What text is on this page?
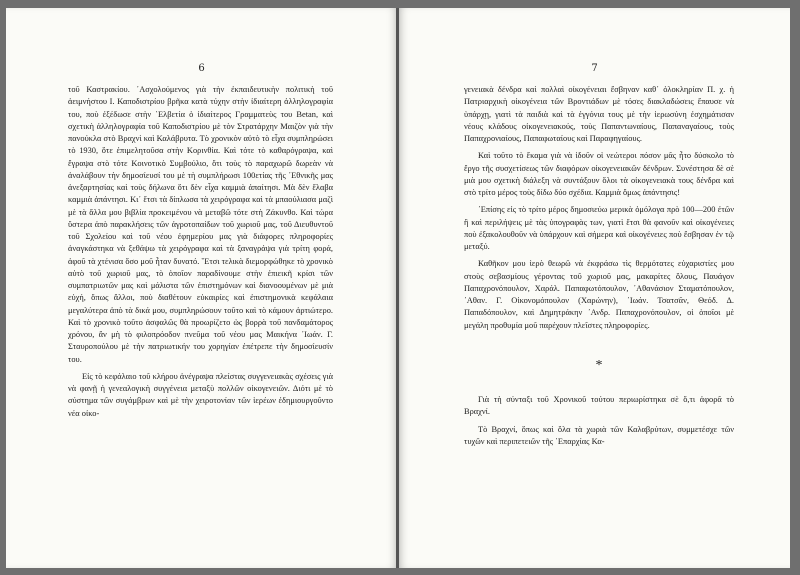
6

τοῦ Καστρακίου. ᾿Ασχολούμενος γιὰ τὴν ἐκπαιδευτικὴν πολιτικὴ τοῦ ἀειμνήστου Ι. Καποδιστρίου βρῆκα κατὰ τύχην στὴν ἰδιαίτερη ἀλληλογραφία του, ποὺ ἐξέδωσε στὴν ῾Ελβετία ὁ ἰδιαίτερος Γραμματεὺς του Betan, καὶ σχετικὴ ἀλληλογραφία τοῦ Καποδιστρίου μὲ τὸν Στρατάρχην Μαιζὸν γιὰ τὴν πανούκλα στὸ Βραχνὶ καὶ Καλάβρυτα. Τὸ χρονικὸν αὐτὸ τὸ εἶχα συμπληρώσει τὸ 1930, ὅτε ἐπιμελητοῦσα στὴν Κορινθία. Καὶ τότε τὸ καθαρόγραψα, καὶ ἔγραψα στὸ τότε Κοινοτικὸ Συμβούλιο, ὅτι τοὺς τὸ παραχωρῶ δωρεὰν νὰ ἀναλάβουν τὴν δημοσίευσί του μὲ τὴ συμπλήρωσι 100ετίας τῆς ᾿Εθνικῆς μας ἀνεξαρτησίας καὶ τοὺς δήλωνα ὅτι δὲν εἶχα καμμιὰ ἀπαίτησι. Μὰ δὲν ἔλαβα καμμιὰ ἀπάντησι. Κι᾿ ἔτσι τὰ δίπλωσα τὰ χειρόγραφα καὶ τὰ μπαούλιασα μαζὶ μὲ τὰ ἄλλα μου βιβλία προκειμένου νὰ μεταβῶ τότε στὴ Ζάκυνθο. Καὶ τώρα ὕστερα ἀπὸ παρακλήσεις τῶν ἀγροτοπαίδων τοῦ χωριοῦ μας, τοῦ Διευθυντοῦ τοῦ Σχολείου καὶ τοῦ νέου ἐφημερίου μας γιὰ διάφορες πληροφορίες ἀναγκάστηκα νὰ ξεθάψω τὰ χειρόγραφα καὶ τὰ ξαναγράψα γιὰ τρίτη φορά, ἀφοῦ τὰ χτένισα ὅσο μοῦ ἦταν δυνατό. ῞Ετσι τελικὰ διεμορφώθηκε τὸ χρονικὸ αὐτὸ τοῦ χωριοῦ μας, τὸ ὁποῖον παραδίνουμε στὴν ἐπιεικῆ κρίσι τῶν συμπατριωτῶν μας καὶ μάλιστα τῶν ἐπιστημόνων καὶ διανοουμένων μὲ μιὰ εὐχή, ὅπως ἄλλοι, ποὺ διαθέτουν εὐκαιρίες καὶ ἐπιστημονικὰ κεφάλαια μεγαλύτερα ἀπὸ τὰ δικά μου, συμπληρώσουν τοῦτο καὶ τὸ κάμουν ἀρτιώτερο. Καὶ τὸ χρονικὸ τοῦτο ἀσφαλῶς θὰ προωρίζετο ὡς βορρὰ τοῦ πανδαμάτορος χρόνου, ἂν μὴ τὸ φιλοπρόοδον πνεῦμα τοῦ νέου μας Μαικήνα ᾿Ιωάν. Γ. Σταυροπούλου μὲ τὴν πατριωτικήν του χορηγίαν ἐπέτρεπε τὴν δημοσίευσίν του.

Εἰς τὸ κεφάλαιο τοῦ κλήρου ἀνέγραψα πλείστας συγγενειακὰς σχέσεις γιὰ νὰ φανῇ ἡ γενεαλογικὴ συγγένεια μεταξὺ πολλῶν οἰκογενειῶν. Διότι μὲ τὸ σύστημα τῶν συγάμβρων καὶ μὲ τὴν χειροτονίαν τῶν ἱερέων ἐδημιουργοῦντο νέα οἰκο-

7

γενειακὰ δένδρα καὶ πολλαὶ οἰκογένειαι ἔσβηναν καθ᾿ ὁλοκληρίαν Π. χ. ἡ Πατριαρχικὴ οἰκογένεια τῶν Βροντιάδων μὲ τόσες διακλαδώσεις ἔπαυσε νὰ ὑπάρχῃ, γιατὶ τὰ παιδιὰ καὶ τὰ ἐγγόνια τους μὲ τὴν ἱερωσύνη ἐσχημάτισαν νέους κλάδους οἰκογενειακούς, τοὺς Παπαντωναίους, Παπαναγαίους, τοὺς Παπαχρονιαίους, Παπαφωταίους καὶ Παραφηγαίους.

Καὶ τοῦτο τὸ ἔκαμα γιὰ νὰ ἰδοῦν οἱ νεώτεροι πόσον μᾶς ἦτο δύσκολο τὸ ἔργο τῆς συσχετίσεως τῶν διαφόρων οἰκογενειακῶν δένδρων. Συνέστησα δὲ σὲ μιὰ μου σχετικὴ διάλεξη νὰ συντάξουν ὅλοι τὰ οἰκογενειακὰ τους δένδρα καὶ στὸ τρίτο μέρος τοὺς δίδω δύο σχέδια. Καμμιὰ ὅμως ἀπάντησις!

᾿Επίσης εἰς τὸ τρίτο μέρος δημοσιεύω μερικὰ ὁμόλογα πρὸ 100—200 ἐτῶν ἢ καὶ περιλήψεις μὲ τὰς ὑπογραφὰς των, γιατὶ ἔτσι θὰ φανοῦν καὶ οἰκογένειες ποὺ ἐξακολουθοῦν νὰ ὑπάρχουν καὶ σήμερα καὶ οἰκογένειες ποὺ ἔσβησαν ἐν τῷ μεταξύ.

Καθῆκον μου ἱερὸ θεωρῶ νὰ ἐκφράσω τὶς θερμότατες εὐχαριστίες μου στοὺς σεβασμίους γέροντας τοῦ χωριοῦ μας, μακαρίτες ὅλους, Παυάγον Παπαχρονόπουλον, Χαράλ. Παπαφωτόπουλον, ᾿Αθανάσιον Σταματόπουλον, ᾿Αθαν. Γ. Οἰκονομόπουλον (Χαρώνην), ᾿Ιωάν. Τσατσᾶν, Θεόδ. Δ. Παπαδόπουλον, καὶ Δημητράκην ᾿Ανδρ. Παπαχρονόπουλον, οἱ ὁποῖοι μὲ μεγάλη προθυμία μοῦ παρέχουν πλεῖστες πληροφορίες.

*

Γιὰ τὴ σύνταξι τοῦ Χρονικοῦ τούτου περιωρίστηκα σὲ ὅ,τι ἀφορᾶ τὸ Βραχνί.

Τὸ Βραχνί, ὅπως καὶ ὅλα τὰ χωριὰ τῶν Καλαβρύτων, συμμετέσχε τῶν τυχῶν καὶ περιπετειῶν τῆς ᾿Επαρχίας Κα-
